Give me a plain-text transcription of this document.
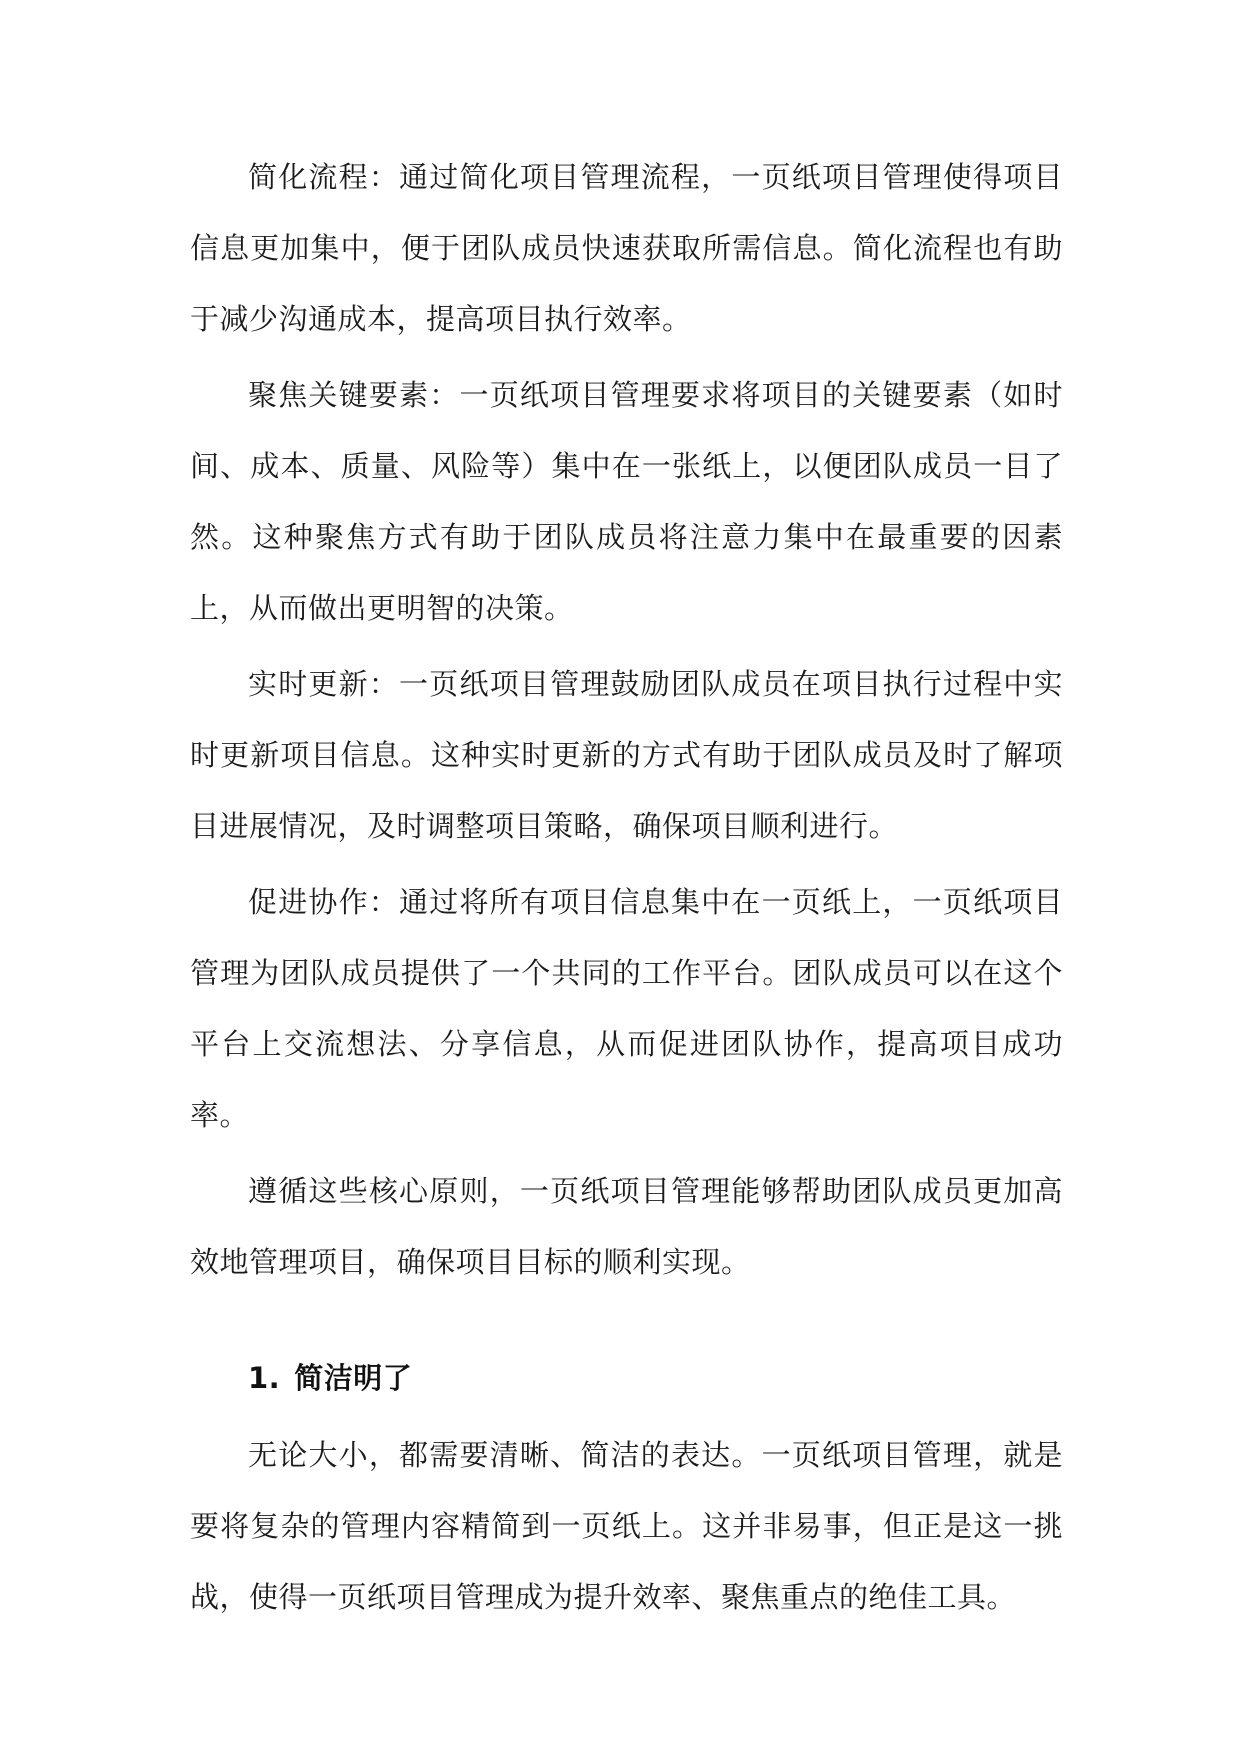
简化流程：通过简化项目管理流程，一页纸项目管理使得项目信息更加集中，便于团队成员快速获取所需信息。简化流程也有助于减少沟通成本，提高项目执行效率。

聚焦关键要素：一页纸项目管理要求将项目的关键要素（如时间、成本、质量、风险等）集中在一张纸上，以便团队成员一目了然。这种聚焦方式有助于团队成员将注意力集中在最重要的因素上，从而做出更明智的决策。

实时更新：一页纸项目管理鼓励团队成员在项目执行过程中实时更新项目信息。这种实时更新的方式有助于团队成员及时了解项目进展情况，及时调整项目策略，确保项目顺利进行。

促进协作：通过将所有项目信息集中在一页纸上，一页纸项目管理为团队成员提供了一个共同的工作平台。团队成员可以在这个平台上交流想法、分享信息，从而促进团队协作，提高项目成功率。

遵循这些核心原则，一页纸项目管理能够帮助团队成员更加高效地管理项目，确保项目目标的顺利实现。

1. 简洁明了

无论大小，都需要清晰、简洁的表达。一页纸项目管理，就是要将复杂的管理内容精简到一页纸上。这并非易事，但正是这一挑战，使得一页纸项目管理成为提升效率、聚焦重点的绝佳工具。
